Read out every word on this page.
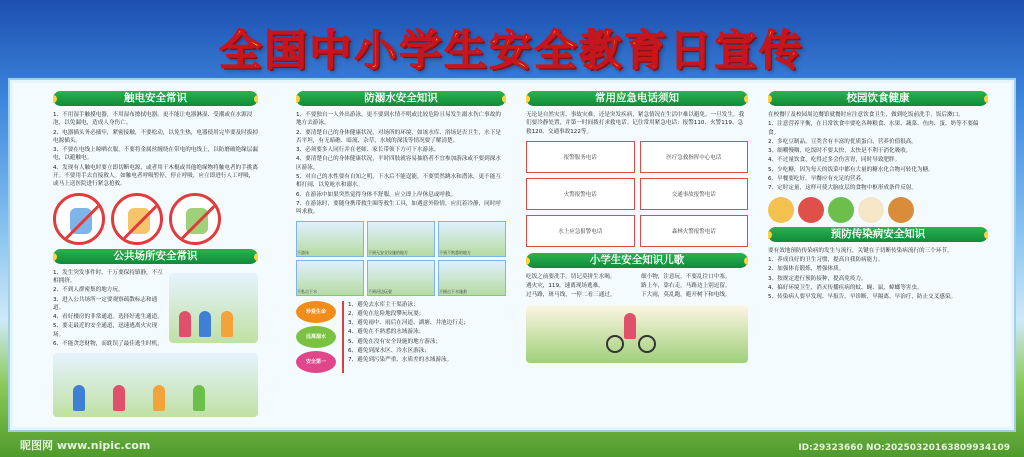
全国中小学生安全教育日宣传
触电安全常识

1、不用湿手触摸电器，不用湿布擦拭电器。更不能让电器淋湿、受潮或在水源浸泡，以免漏电，造成人身伤亡。

2、电器插头务必插牢，紧密接触，不要松动，以免生热，电器使用完毕要及时拔掉电源插头。

3、不要在电线上晾晒衣服，不要将金属丝缠绕在带电的电线上，以防磨破绝缘层漏电，以避触电。

4、发现有人触电时要立即切断电源，或者用干木棍或其他绝缘物将触电者的手挑离开。不要用手去直接救人。如触电者呼吸暂停，停止呼吸，应立即进行人工呼吸，或马上送医院进行紧急抢救。

公共场所安全常识

1、发生突发事件时，千万要保持镇静，不互相拥挤。

2、不到人群密集的地方玩。

3、进入公共场所一定要观察疏散标志和通道。

4、看好楼房的非常通道。选择好逃生通道。

5、要走最近的安全通道，迅速逃离火灾现场。

6、不能贪恋财物，而耽误了最佳逃生时机。

防溺水安全知识

1、不要独自一人外出游泳，更不要到水情不明或比较危险且易发生溺水伤亡事故的地方去游泳。

2、要清楚自己的身体健康状况，对场所的环境，如该水库、浴场是否卫生，水下是否平坦，有无暗礁、暗流、杂草，水域的深浅等情况要了解清楚。

3、必须要多人同行并在老师、家长带领下方可下水游泳。

4、要清楚自己的身体健康状况，平时四肢就容易抽筋者不宜参加游泳或不要到深水区游泳。

5、对自己的水性要有自知之明，下水后不能逞能，不要贸然跳水和潜泳，更不能互相打闹，以免呛水和溺水。

6、在游泳中如果突然觉得身体不舒服，应立即上岸休息或呼救。

7、在游泳时，要随身携带救生圈等救生工具，如遇意外险情，应沉着冷静，同时呼叫求救。

不游泳	不到无安全设施的地方	不到不熟悉的地方
不私自下水	不到河边玩耍	不擅自下水施救
珍爱生命
远离溺水
安全第一

1、避免去水库主干渠游泳；

2、避免在危险地段攀玩玩耍；

3、避免雨中、雨后在河道、湖塘、井池边行走；

4、避免在不熟悉的水域游泳；

5、避免在没有安全设施的地方游泳；

6、避免到深水区、冷水区游泳；

7、避免到污染严重、水质差的水域游泳。

常用应急电话须知

无论是自然灾害、事故灾难，还是突发疾病，紧急情况在生活中难以避免。一旦发生，我们要冷静处置，并第一时间拨打求救电话。记住常用紧急电话：报警110、火警119、急救120、交通事故122等。

报警服务电话	医疗急救指挥中心电话
火警报警电话	交通事故报警电话
水上应急报警电话	森林火警报警电话
小学生安全知识儿歌

吃饭之前要洗手，切记莫拼生水喝。	细小物，注意玩，不要乱往口中塞。

遇火灾，119，速离现场逃难。	路上车，靠右走，马路边上别逗留。

过马路，斑马线，一停二看三通过。	下大雨，莫乱跑，避开树下和电线。

校园饮食健康

在校餐厅及校园周边餐馆就餐时应注意饮食卫生，做到吃饭前洗手，饭后漱口。

1、注意营养平衡，在日常饮食中要吃各种粮食、水果、蔬菜、鱼肉、蛋、奶等不要偏食。

2、多吃豆制品，豆类含有丰富的优质蛋白，营养价值很高。

3、细嚼慢咽，吃饭时不要太快，太快是不利于消化吸收。

4、不过量饮食，吃得过多会伤害胃，同时导致肥胖。

5、少吃糖，因为每天的饭菜中都有大量的糖水化合物可转化为糖。

6、早餐要吃好，早餐应有充足的营养。

7、定时定量，这样可使大脑皮层的食物中枢形成条件反射。

预防传染病安全知识

要有效地预防传染病的发生与流行，关键在于切断传染病流行的三个环节。

1、养成良好的卫生习惯，提高自我防病能力。

2、加强体育锻炼，增强体质。

3、按规定进行预防接种，提高免疫力。

4、搞好环境卫生，消灭传播疾病的蚊、蝇、鼠、蟑螂等害虫。

5、传染病人要早发现、早报告、早诊断、早隔离、早治疗，防止交叉感染。

昵图网 www.nipic.com	ID:29323660 NO:20250320163809934109
